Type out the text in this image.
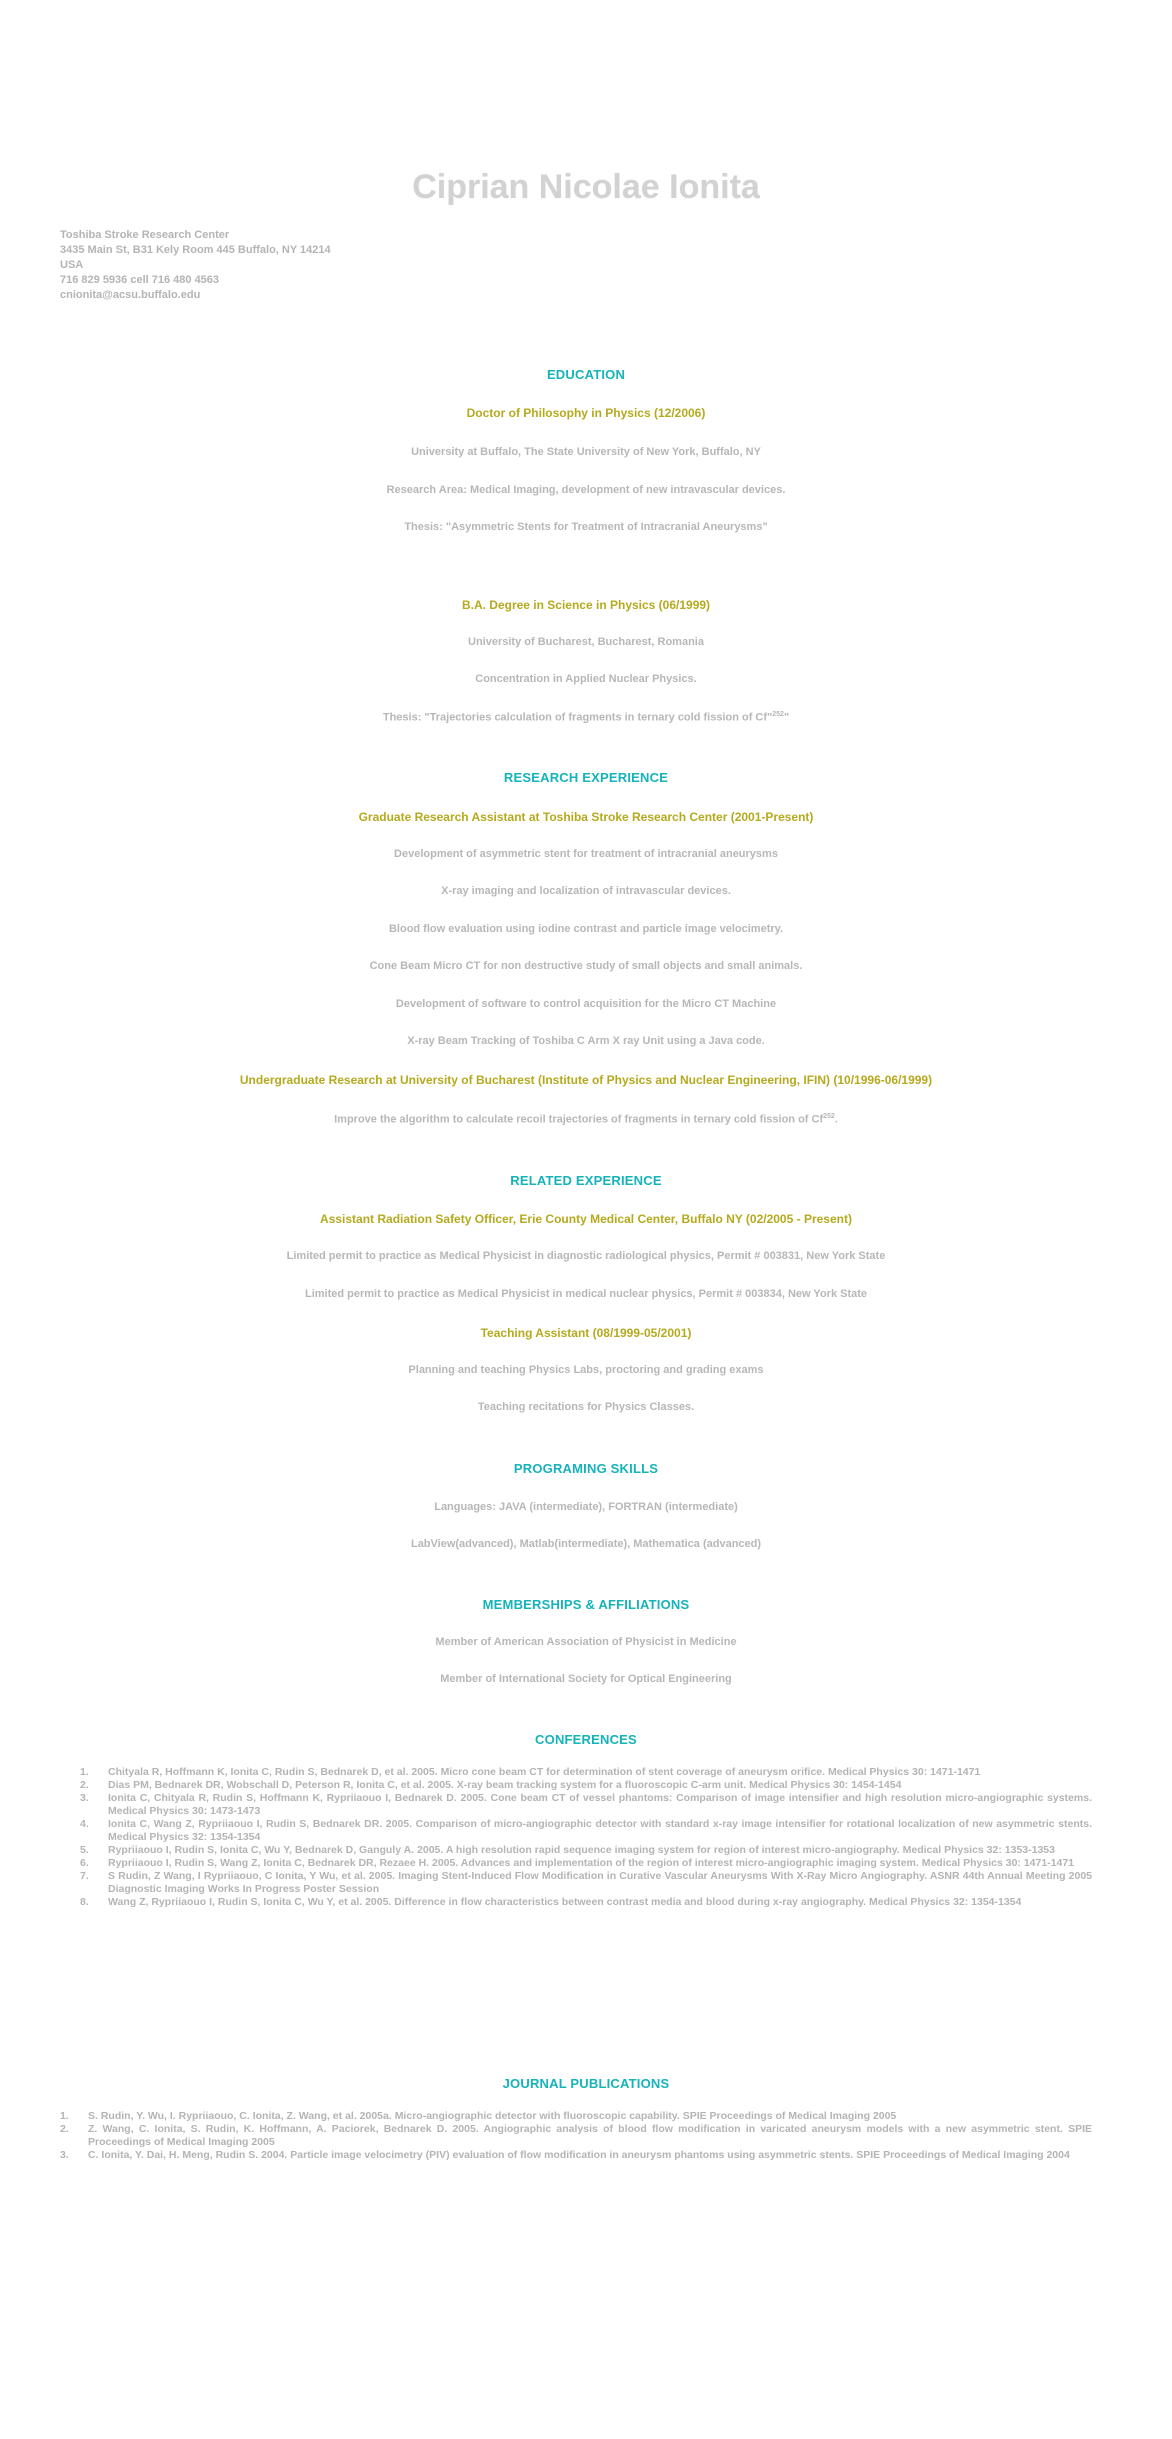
Ciprian Nicolae Ionita
Toshiba Stroke Research Center
3435 Main St, B31 Kely Room 445 Buffalo, NY 14214
USA
716 829 5936 cell 716 480 4563
cnionita@acsu.buffalo.edu
EDUCATION
Doctor of Philosophy in Physics (12/2006)
University at Buffalo, The State University of New York, Buffalo, NY
Research Area: Medical Imaging, development of new intravascular devices.
Thesis: "Asymmetric Stents for Treatment of Intracranial Aneurysms"
B.A. Degree in Science in Physics (06/1999)
University of Bucharest, Bucharest, Romania
Concentration in Applied Nuclear Physics.
Thesis: "Trajectories calculation of fragments in ternary cold fission of Cf"$^{252}$"
RESEARCH EXPERIENCE
Graduate Research Assistant at Toshiba Stroke Research Center (2001-Present)
Development of asymmetric stent for treatment of intracranial aneurysms
X-ray imaging and localization of intravascular devices.
Blood flow evaluation using iodine contrast and particle image velocimetry.
Cone Beam Micro CT for non destructive study of small objects and small animals.
Development of software to control acquisition for the Micro CT Machine
X-ray Beam Tracking of Toshiba C Arm X ray Unit using a Java code.
Undergraduate Research at University of Bucharest (Institute of Physics and Nuclear Engineering, IFIN) (10/1996-06/1999)
Improve the algorithm to calculate recoil trajectories of fragments in ternary cold fission of Cf$^{252}$.
RELATED EXPERIENCE
Assistant Radiation Safety Officer, Erie County Medical Center, Buffalo NY (02/2005 - Present)
Limited permit to practice as Medical Physicist in diagnostic radiological physics, Permit # 003831, New York State
Limited permit to practice as Medical Physicist in medical nuclear physics, Permit # 003834, New York State
Teaching Assistant (08/1999-05/2001)
Planning and teaching Physics Labs, proctoring and grading exams
Teaching recitations for Physics Classes.
PROGRAMING SKILLS
Languages: JAVA (intermediate), FORTRAN (intermediate)
LabView(advanced), Matlab(intermediate), Mathematica (advanced)
MEMBERSHIPS & AFFILIATIONS
Member of American Association of Physicist in Medicine
Member of International Society for Optical Engineering
CONFERENCES
1. Chityala R, Hoffmann K, Ionita C, Rudin S, Bednarek D, et al. 2005. Micro cone beam CT for determination of stent coverage of aneurysm orifice. Medical Physics 30: 1471-1471
2. Dias PM, Bednarek DR, Wobschall D, Peterson R, Ionita C, et al. 2005. X-ray beam tracking system for a fluoroscopic C-arm unit. Medical Physics 30: 1454-1454
3. Ionita C, Chityala R, Rudin S, Hoffmann K, Rypriiaouo I, Bednarek D. 2005. Cone beam CT of vessel phantoms: Comparison of image intensifier and high resolution micro-angiographic systems. Medical Physics 30: 1473-1473
4. Ionita C, Wang Z, Rypriiaouo I, Rudin S, Bednarek DR. 2005. Comparison of micro-angiographic detector with standard x-ray image intensifier for rotational localization of new asymmetric stents. Medical Physics 32: 1354-1354
5. Rypriiaouo I, Rudin S, Ionita C, Wu Y, Bednarek D, Ganguly A. 2005. A high resolution rapid sequence imaging system for region of interest micro-angiography. Medical Physics 32: 1353-1353
6. Rypriiaouo I, Rudin S, Wang Z, Ionita C, Bednarek DR, Rezaee H. 2005. Advances and implementation of the region of interest micro-angiographic imaging system. Medical Physics 30: 1471-1471
7. S Rudin, Z Wang, I Rypriiaouo, C Ionita, Y Wu, et al. 2005. Imaging Stent-Induced Flow Modification in Curative Vascular Aneurysms With X-Ray Micro Angiography. ASNR 44th Annual Meeting 2005 Diagnostic Imaging Works In Progress Poster Session
8. Wang Z, Rypriiaouo I, Rudin S, Ionita C, Wu Y, et al. 2005. Difference in flow characteristics between contrast media and blood during x-ray angiography. Medical Physics 32: 1354-1354
JOURNAL PUBLICATIONS
1. S. Rudin, Y. Wu, I. Rypriiaouo, C. Ionita, Z. Wang, et al. 2005a. Micro-angiographic detector with fluoroscopic capability. SPIE Proceedings of Medical Imaging 2005
2. Z. Wang, C. Ionita, S. Rudin, K. Hoffmann, A. Paciorek, Bednarek D. 2005. Angiographic analysis of blood flow modification in varicated aneurysm models with a new asymmetric stent. SPIE Proceedings of Medical Imaging 2005
3. C. Ionita, Y. Dai, H. Meng, Rudin S. 2004. Particle image velocimetry (PIV) evaluation of flow modification in aneurysm phantoms using asymmetric stents. SPIE Proceedings of Medical Imaging 2004
